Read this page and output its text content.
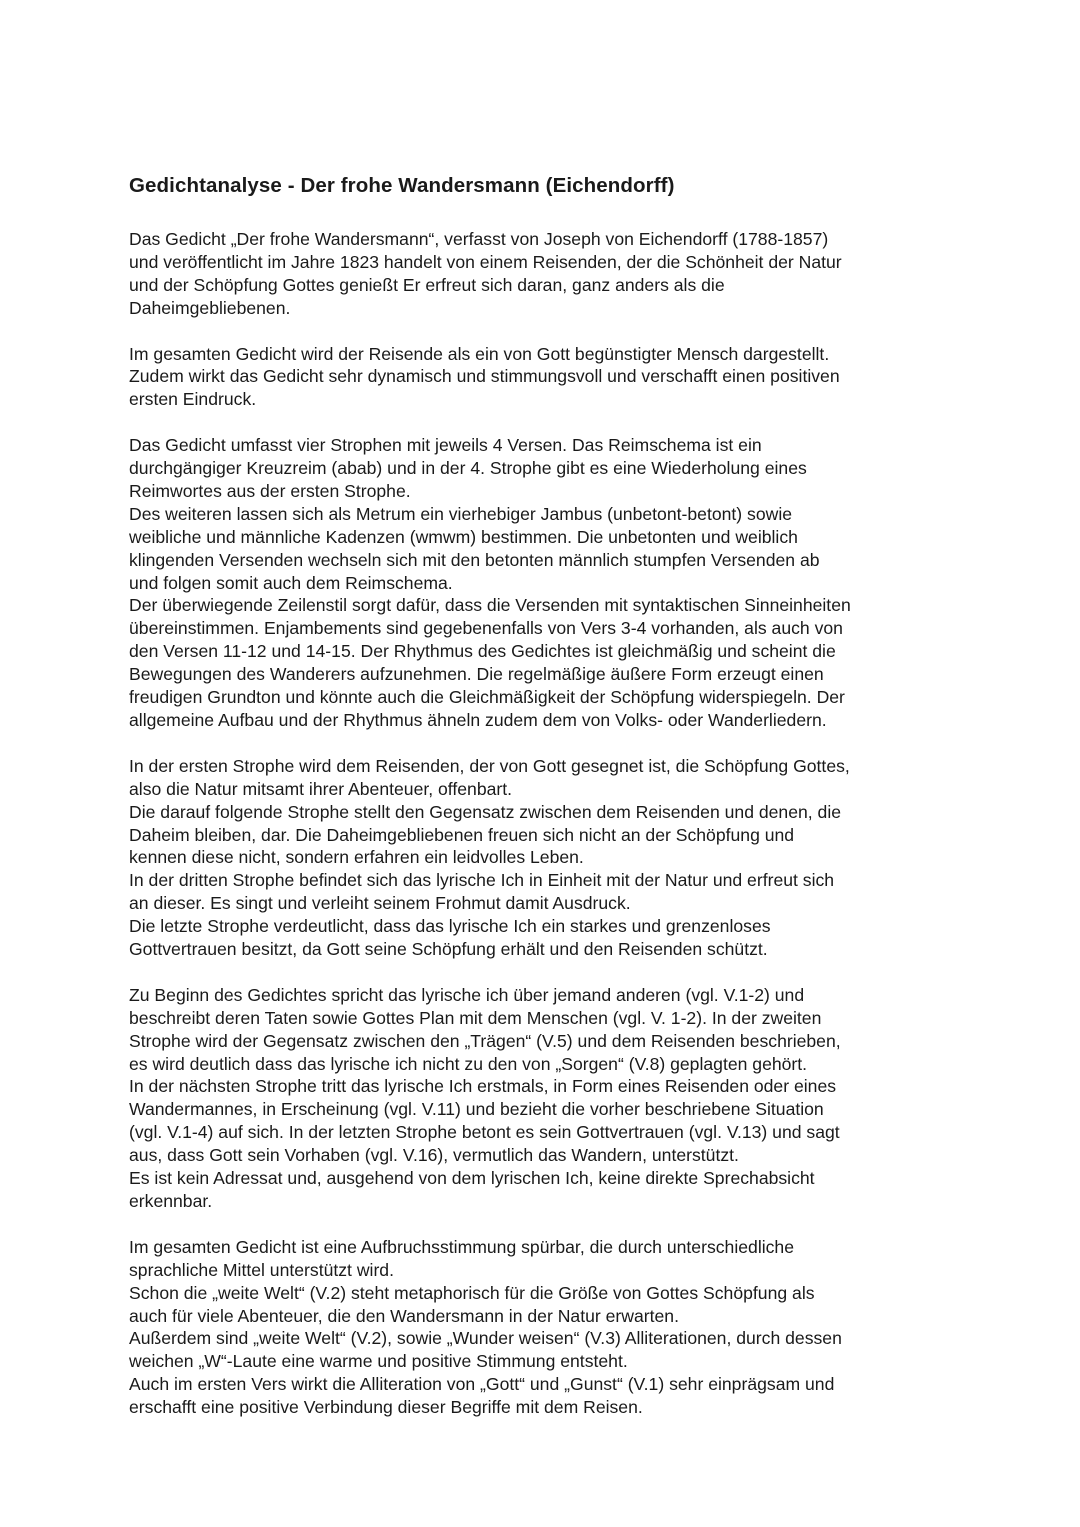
Gedichtanalyse - Der frohe Wandersmann (Eichendorff)
Das Gedicht „Der frohe Wandersmann“, verfasst von Joseph von Eichendorff (1788-1857)
und veröffentlicht im Jahre 1823 handelt von einem Reisenden, der die Schönheit der Natur
und der Schöpfung Gottes genießt Er erfreut sich daran, ganz anders als die
Daheimgebliebenen.
Im gesamten Gedicht wird der Reisende als ein von Gott begünstigter Mensch dargestellt.
Zudem wirkt das Gedicht sehr dynamisch und stimmungsvoll und verschafft einen positiven
ersten Eindruck.
Das Gedicht umfasst vier Strophen mit jeweils 4 Versen. Das Reimschema ist ein
durchgängiger Kreuzreim (abab) und in der 4. Strophe gibt es eine Wiederholung eines
Reimwortes aus der ersten Strophe.
Des weiteren lassen sich als Metrum ein vierhebiger Jambus (unbetont-betont) sowie
weibliche und männliche Kadenzen (wmwm) bestimmen. Die unbetonten und weiblich
klingenden Versenden wechseln sich mit den betonten männlich stumpfen Versenden ab
und folgen somit auch dem Reimschema.
Der überwiegende Zeilenstil sorgt dafür, dass die Versenden mit syntaktischen Sinneinheiten
übereinstimmen. Enjambements sind gegebenenfalls von Vers 3-4 vorhanden, als auch von
den Versen 11-12 und 14-15. Der Rhythmus des Gedichtes ist gleichmäßig und scheint die
Bewegungen des Wanderers aufzunehmen. Die regelmäßige äußere Form erzeugt einen
freudigen Grundton und könnte auch die Gleichmäßigkeit der Schöpfung widerspiegeln. Der
allgemeine Aufbau und der Rhythmus ähneln zudem dem von Volks- oder Wanderliedern.
In der ersten Strophe wird dem Reisenden, der von Gott gesegnet ist, die Schöpfung Gottes,
also die Natur mitsamt ihrer Abenteuer, offenbart.
Die darauf folgende Strophe stellt den Gegensatz zwischen dem Reisenden und denen, die
Daheim bleiben, dar. Die Daheimgebliebenen freuen sich nicht an der Schöpfung und
kennen diese nicht, sondern erfahren ein leidvolles Leben.
In der dritten Strophe befindet sich das lyrische Ich in Einheit mit der Natur und erfreut sich
an dieser. Es singt und verleiht seinem Frohmut damit Ausdruck.
Die letzte Strophe verdeutlicht, dass das lyrische Ich ein starkes und grenzenloses
Gottvertrauen besitzt, da Gott seine Schöpfung erhält und den Reisenden schützt.
Zu Beginn des Gedichtes spricht das lyrische ich über jemand anderen (vgl. V.1-2) und
beschreibt deren Taten sowie Gottes Plan mit dem Menschen (vgl. V. 1-2). In der zweiten
Strophe wird der Gegensatz zwischen den „Trägen“ (V.5) und dem Reisenden beschrieben,
es wird deutlich dass das lyrische ich nicht zu den von „Sorgen“ (V.8) geplagten gehört.
In der nächsten Strophe tritt das lyrische Ich erstmals, in Form eines Reisenden oder eines
Wandermannes, in Erscheinung (vgl. V.11) und bezieht die vorher beschriebene Situation
(vgl. V.1-4) auf sich. In der letzten Strophe betont es sein Gottvertrauen (vgl. V.13) und sagt
aus, dass Gott sein Vorhaben (vgl. V.16), vermutlich das Wandern, unterstützt.
Es ist kein Adressat und, ausgehend von dem lyrischen Ich, keine direkte Sprechabsicht
erkennbar.
Im gesamten Gedicht ist eine Aufbruchsstimmung spürbar, die durch unterschiedliche
sprachliche Mittel unterstützt wird.
Schon die „weite Welt“ (V.2) steht metaphorisch für die Größe von Gottes Schöpfung als
auch für viele Abenteuer, die den Wandersmann in der Natur erwarten.
Außerdem sind „weite Welt“ (V.2), sowie „Wunder weisen“ (V.3) Alliterationen, durch dessen
weichen „W“-Laute eine warme und positive Stimmung entsteht.
Auch im ersten Vers wirkt die Alliteration von „Gott“ und „Gunst“ (V.1) sehr einprägsam und
erschafft eine positive Verbindung dieser Begriffe mit dem Reisen.
